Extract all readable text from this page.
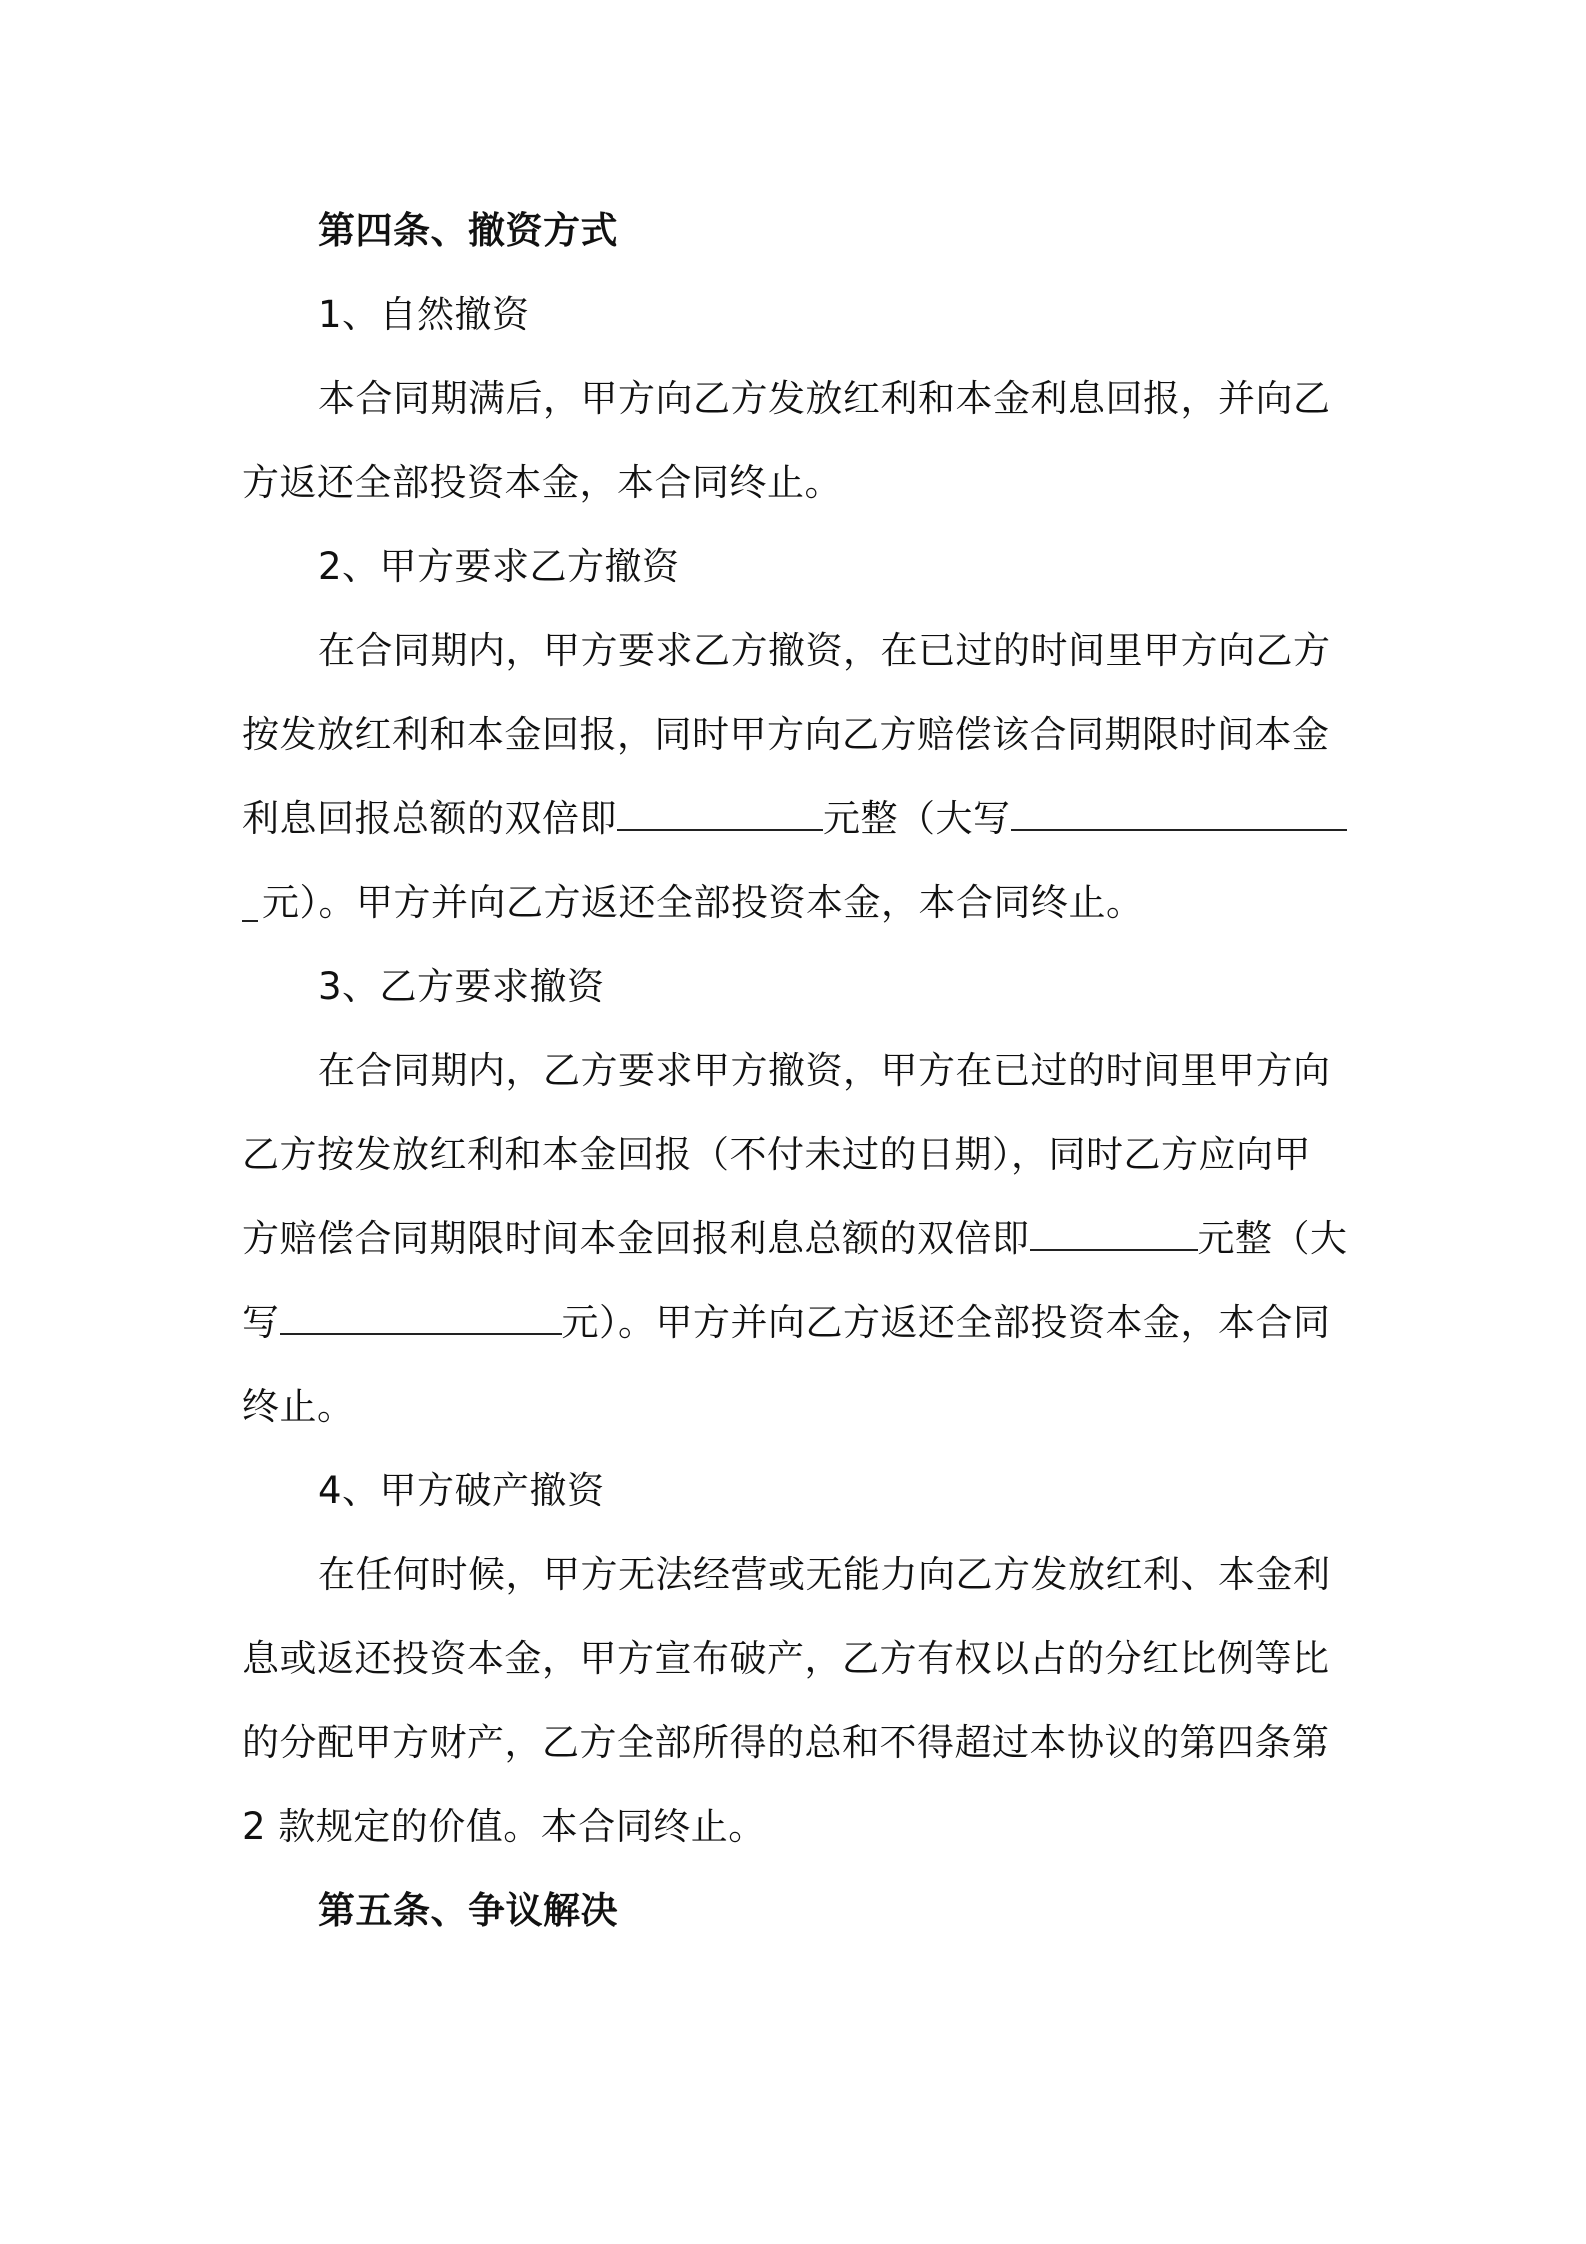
第四条、撤资方式
1、自然撤资
本合同期满后，甲方向乙方发放红利和本金利息回报，并向乙
方返还全部投资本金，本合同终止。
2、甲方要求乙方撤资
在合同期内，甲方要求乙方撤资，在已过的时间里甲方向乙方
按发放红利和本金回报，同时甲方向乙方赔偿该合同期限时间本金
利息回报总额的双倍即	元整（大写
元）。甲方并向乙方返还全部投资本金，本合同终止。
3、乙方要求撤资
在合同期内，乙方要求甲方撤资，甲方在已过的时间里甲方向
乙方按发放红利和本金回报（不付未过的日期），同时乙方应向甲
方赔偿合同期限时间本金回报利息总额的双倍即	元整（大
写	元）。甲方并向乙方返还全部投资本金，本合同
终止。
4、甲方破产撤资
在任何时候，甲方无法经营或无能力向乙方发放红利、本金利
息或返还投资本金，甲方宣布破产，乙方有权以占的分红比例等比
的分配甲方财产，乙方全部所得的总和不得超过本协议的第四条第
2 款规定的价值。本合同终止。
第五条、争议解决
